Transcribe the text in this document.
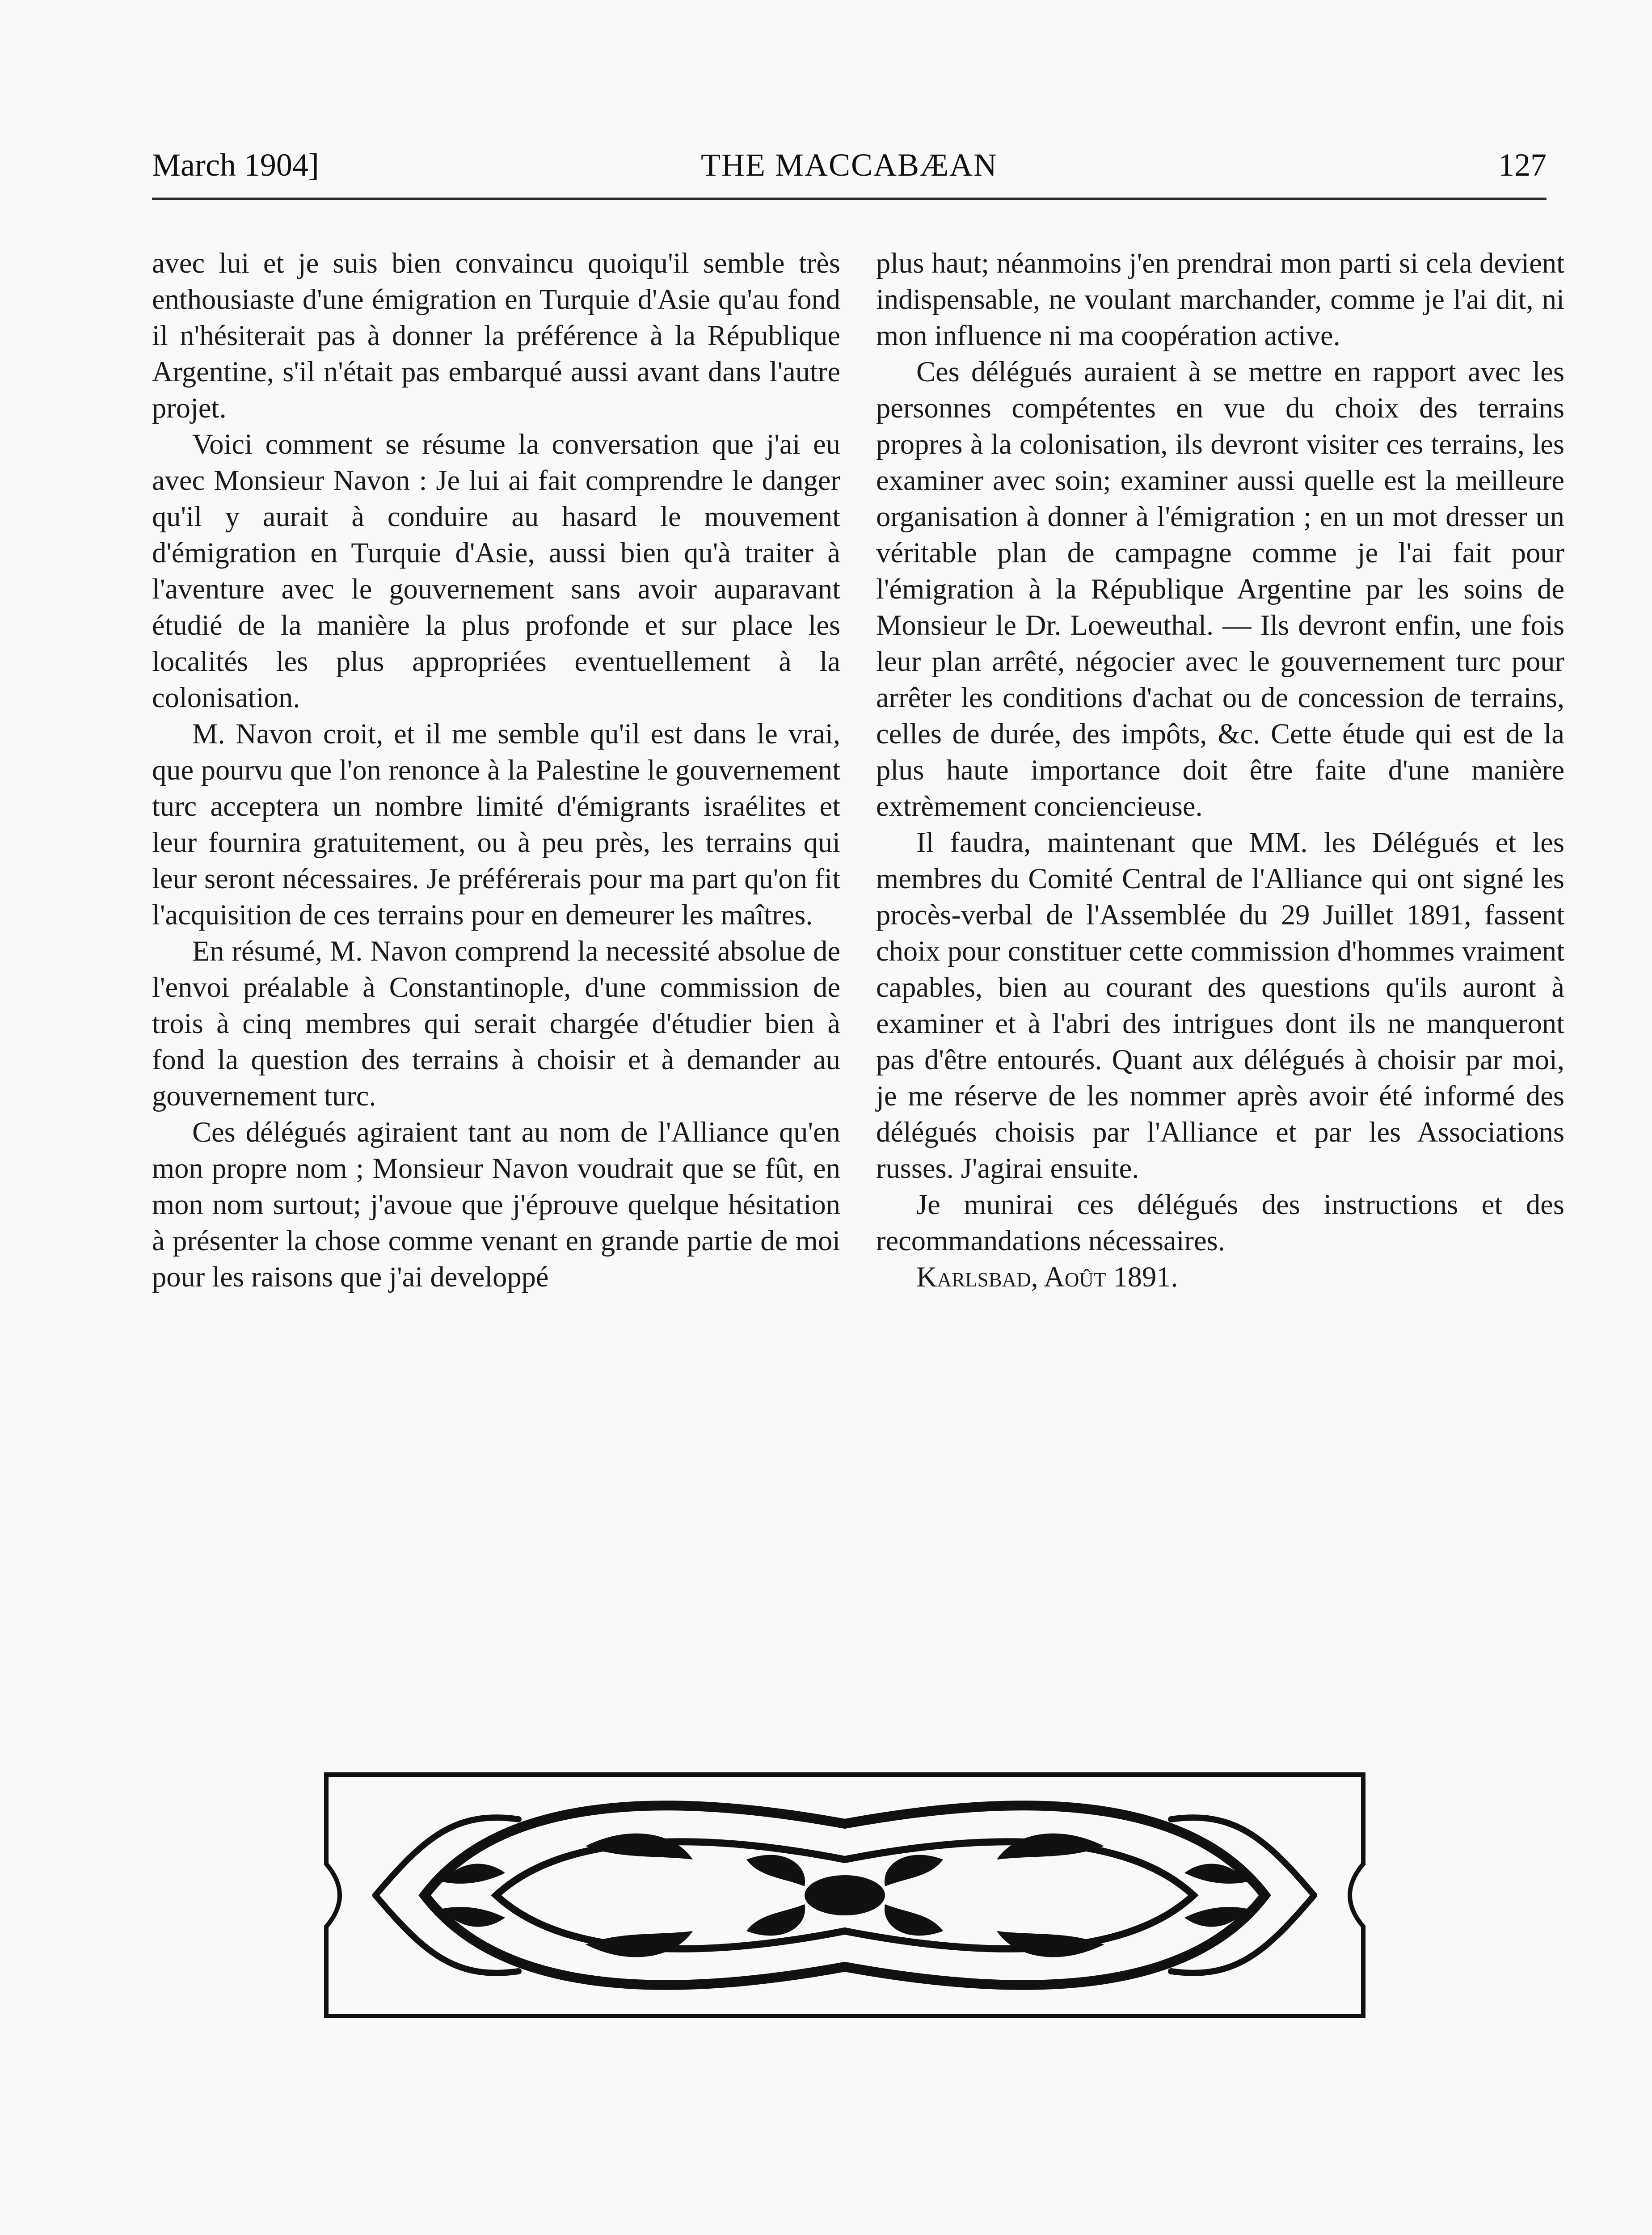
March 1904]	THE MACCABÆAN	127

avec lui et je suis bien convaincu quoiqu'il semble très enthousiaste d'une émigration en Turquie d'Asie qu'au fond il n'hésiterait pas à donner la préférence à la République Argentine, s'il n'était pas embarqué aussi avant dans l'autre projet.

Voici comment se résume la conversation que j'ai eu avec Monsieur Navon : Je lui ai fait comprendre le danger qu'il y aurait à conduire au hasard le mouvement d'émigration en Turquie d'Asie, aussi bien qu'à traiter à l'aventure avec le gouvernement sans avoir auparavant étudié de la manière la plus profonde et sur place les localités les plus appropriées eventuellement à la colonisation.

M. Navon croit, et il me semble qu'il est dans le vrai, que pourvu que l'on renonce à la Palestine le gouvernement turc acceptera un nombre limité d'émigrants israélites et leur fournira gratuitement, ou à peu près, les terrains qui leur seront nécessaires. Je préférerais pour ma part qu'on fit l'acquisition de ces terrains pour en demeurer les maîtres.

En résumé, M. Navon comprend la necessité absolue de l'envoi préalable à Constantinople, d'une commission de trois à cinq membres qui serait chargée d'étudier bien à fond la question des terrains à choisir et à demander au gouvernement turc.

Ces délégués agiraient tant au nom de l'Alliance qu'en mon propre nom ; Monsieur Navon voudrait que se fût, en mon nom surtout; j'avoue que j'éprouve quelque hésitation à présenter la chose comme venant en grande partie de moi pour les raisons que j'ai developpé

plus haut; néanmoins j'en prendrai mon parti si cela devient indispensable, ne voulant marchander, comme je l'ai dit, ni mon influence ni ma coopération active.

Ces délégués auraient à se mettre en rapport avec les personnes compétentes en vue du choix des terrains propres à la colonisation, ils devront visiter ces terrains, les examiner avec soin; examiner aussi quelle est la meilleure organisation à donner à l'émigration ; en un mot dresser un véritable plan de campagne comme je l'ai fait pour l'émigration à la République Argentine par les soins de Monsieur le Dr. Loeweuthal. — Ils devront enfin, une fois leur plan arrêté, négocier avec le gouvernement turc pour arrêter les conditions d'achat ou de concession de terrains, celles de durée, des impôts, &c. Cette étude qui est de la plus haute importance doit être faite d'une manière extrèmement conciencieuse.

Il faudra, maintenant que MM. les Délégués et les membres du Comité Central de l'Alliance qui ont signé les procès-verbal de l'Assemblée du 29 Juillet 1891, fassent choix pour constituer cette commission d'hommes vraiment capables, bien au courant des questions qu'ils auront à examiner et à l'abri des intrigues dont ils ne manqueront pas d'être entourés. Quant aux délégués à choisir par moi, je me réserve de les nommer après avoir été informé des délégués choisis par l'Alliance et par les Associations russes. J'agirai ensuite.

Je munirai ces délégués des instructions et des recommandations nécessaires.

Karlsbad, Août 1891.
